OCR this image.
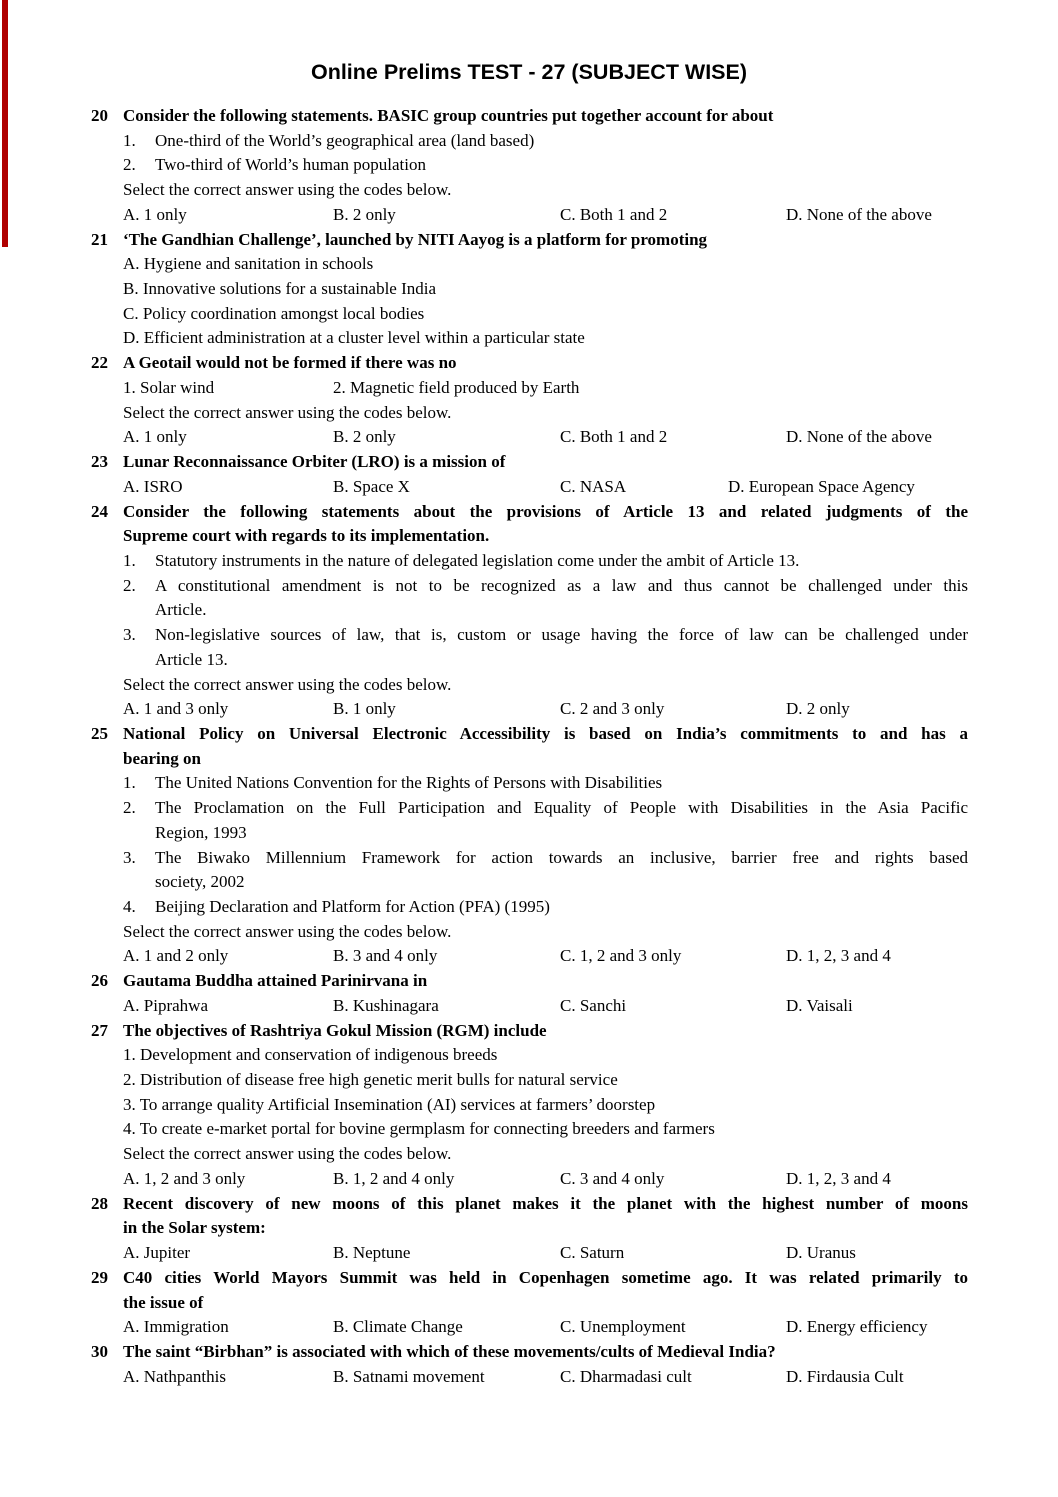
Online Prelims TEST - 27 (SUBJECT WISE)
20 Consider the following statements. BASIC group countries put together account for about
1. One-third of the World’s geographical area (land based)
2. Two-third of World’s human population
Select the correct answer using the codes below.
A. 1 only	B. 2 only	C. Both 1 and 2	D. None of the above
21 ‘The Gandhian Challenge’, launched by NITI Aayog is a platform for promoting
A. Hygiene and sanitation in schools
B. Innovative solutions for a sustainable India
C. Policy coordination amongst local bodies
D. Efficient administration at a cluster level within a particular state
22 A Geotail would not be formed if there was no
1. Solar wind	2. Magnetic field produced by Earth
Select the correct answer using the codes below.
A. 1 only	B. 2 only	C. Both 1 and 2	D. None of the above
23 Lunar Reconnaissance Orbiter (LRO) is a mission of
A. ISRO	B. Space X	C. NASA	D. European Space Agency
24 Consider the following statements about the provisions of Article 13 and related judgments of the
Supreme court with regards to its implementation.
1. Statutory instruments in the nature of delegated legislation come under the ambit of Article 13.
2. A constitutional amendment is not to be recognized as a law and thus cannot be challenged under this
Article.
3. Non-legislative sources of law, that is, custom or usage having the force of law can be challenged under
Article 13.
Select the correct answer using the codes below.
A. 1 and 3 only	B. 1 only	C. 2 and 3 only	D. 2 only
25 National Policy on Universal Electronic Accessibility is based on India’s commitments to and has a
bearing on
1. The United Nations Convention for the Rights of Persons with Disabilities
2. The Proclamation on the Full Participation and Equality of People with Disabilities in the Asia Pacific
Region, 1993
3. The Biwako Millennium Framework for action towards an inclusive, barrier free and rights based
society, 2002
4. Beijing Declaration and Platform for Action (PFA) (1995)
Select the correct answer using the codes below.
A. 1 and 2 only	B. 3 and 4 only	C. 1, 2 and 3 only	D. 1, 2, 3 and 4
26 Gautama Buddha attained Parinirvana in
A. Piprahwa	B. Kushinagara	C. Sanchi	D. Vaisali
27 The objectives of Rashtriya Gokul Mission (RGM) include
1. Development and conservation of indigenous breeds
2. Distribution of disease free high genetic merit bulls for natural service
3. To arrange quality Artificial Insemination (AI) services at farmers’ doorstep
4. To create e-market portal for bovine germplasm for connecting breeders and farmers
Select the correct answer using the codes below.
A. 1, 2 and 3 only	B. 1, 2 and 4 only	C. 3 and 4 only	D. 1, 2, 3 and 4
28 Recent discovery of new moons of this planet makes it the planet with the highest number of moons
in the Solar system:
A. Jupiter	B. Neptune	C. Saturn	D. Uranus
29 C40 cities World Mayors Summit was held in Copenhagen sometime ago. It was related primarily to
the issue of
A. Immigration	B. Climate Change	C. Unemployment	D. Energy efficiency
30 The saint “Birbhan” is associated with which of these movements/cults of Medieval India?
A. Nathpanthis	B. Satnami movement	C. Dharmadasi cult	D. Firdausia Cult
